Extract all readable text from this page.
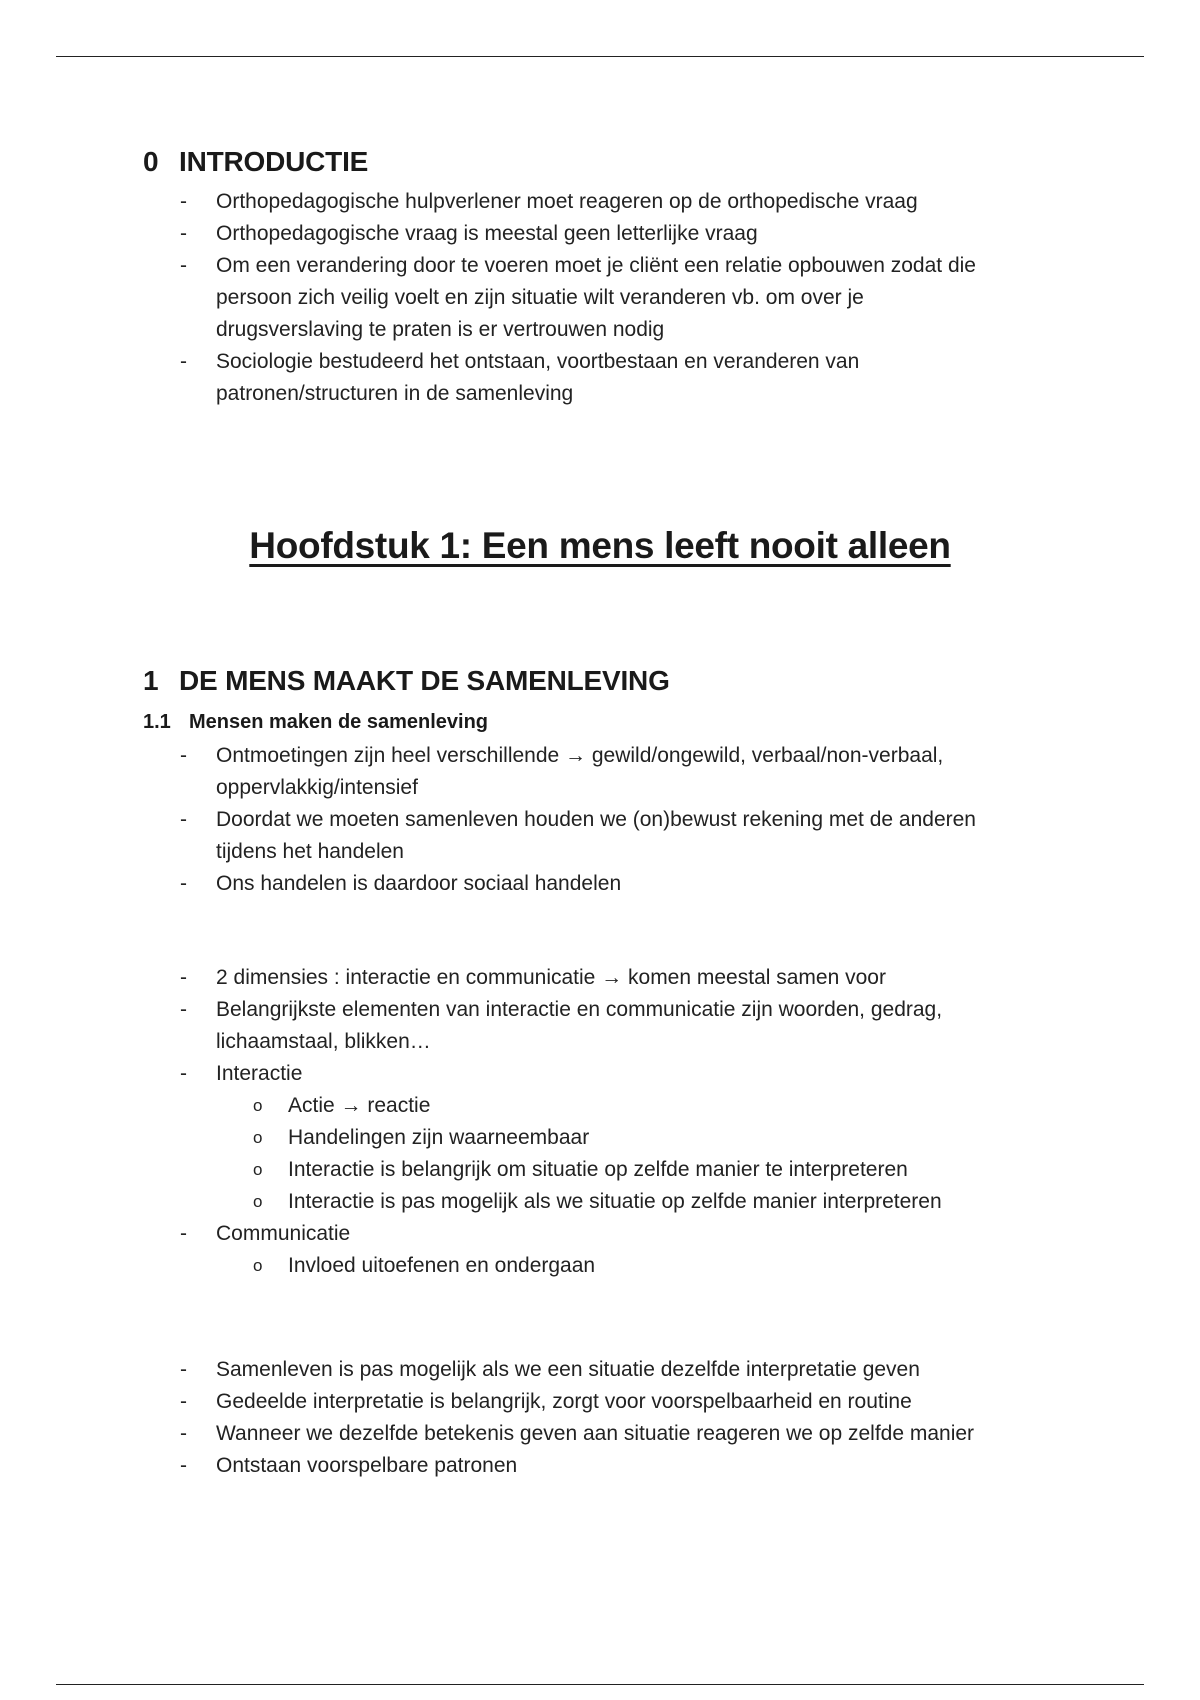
0 INTRODUCTIE
- Orthopedagogische hulpverlener moet reageren op de orthopedische vraag
- Orthopedagogische vraag is meestal geen letterlijke vraag
- Om een verandering door te voeren moet je cliënt een relatie opbouwen zodat die
persoon zich veilig voelt en zijn situatie wilt veranderen vb. om over je
drugsverslaving te praten is er vertrouwen nodig
- Sociologie bestudeerd het ontstaan, voortbestaan en veranderen van
patronen/structuren in de samenleving
Hoofdstuk 1: Een mens leeft nooit alleen
1 DE MENS MAAKT DE SAMENLEVING
1.1 Mensen maken de samenleving
- Ontmoetingen zijn heel verschillende → gewild/ongewild, verbaal/non-verbaal,
oppervlakkig/intensief
- Doordat we moeten samenleven houden we (on)bewust rekening met de anderen
tijdens het handelen
- Ons handelen is daardoor sociaal handelen
- 2 dimensies : interactie en communicatie → komen meestal samen voor
- Belangrijkste elementen van interactie en communicatie zijn woorden, gedrag,
lichaamstaal, blikken…
- Interactie
o Actie → reactie
o Handelingen zijn waarneembaar
o Interactie is belangrijk om situatie op zelfde manier te interpreteren
o Interactie is pas mogelijk als we situatie op zelfde manier interpreteren
- Communicatie
o Invloed uitoefenen en ondergaan
- Samenleven is pas mogelijk als we een situatie dezelfde interpretatie geven
- Gedeelde interpretatie is belangrijk, zorgt voor voorspelbaarheid en routine
- Wanneer we dezelfde betekenis geven aan situatie reageren we op zelfde manier
- Ontstaan voorspelbare patronen
